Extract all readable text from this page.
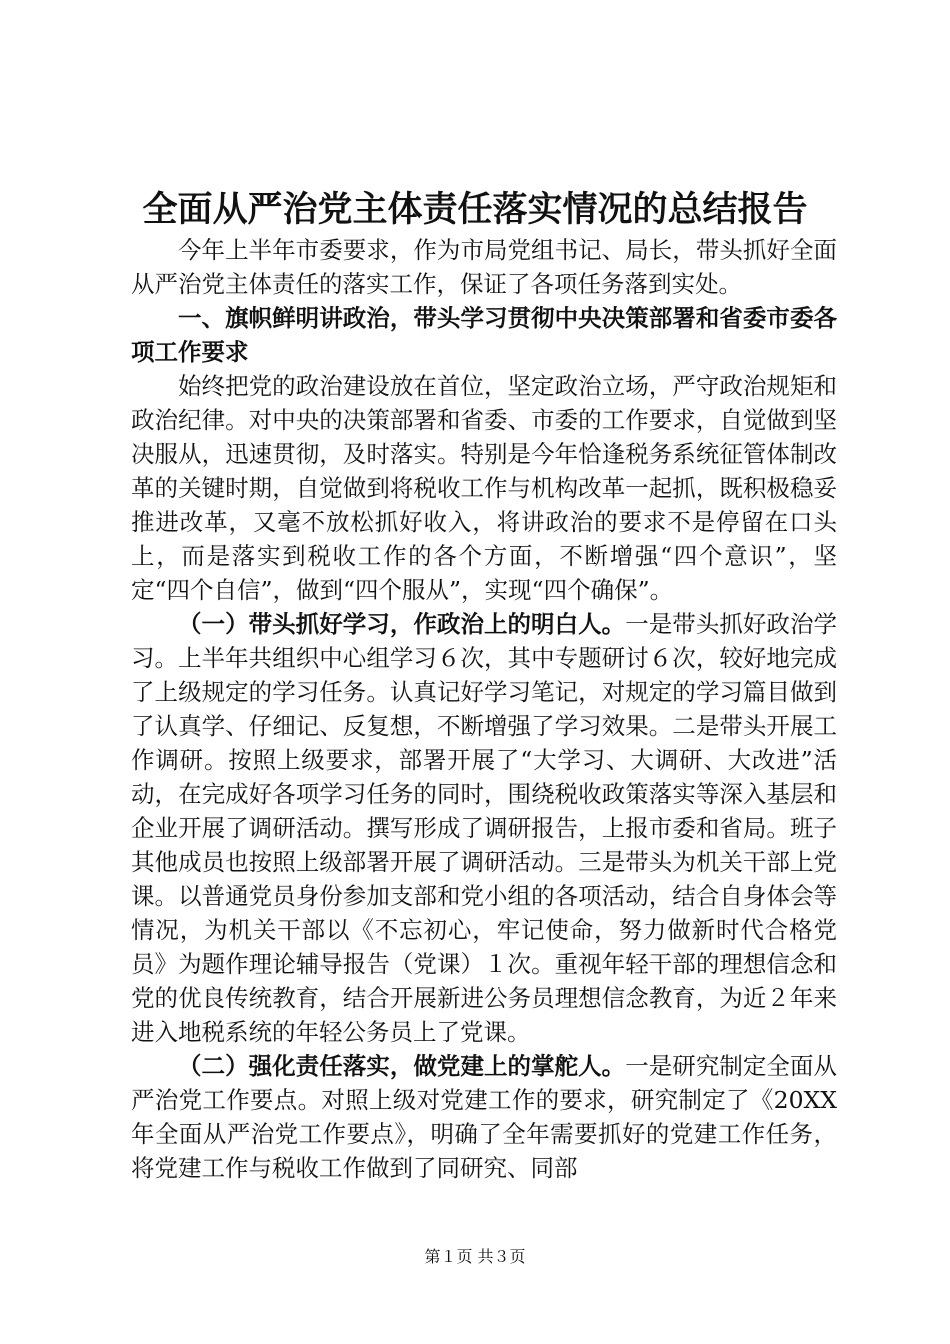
全面从严治党主体责任落实情况的总结报告

今年上半年市委要求，作为市局党组书记、局长，带头抓好全面从严治党主体责任的落实工作，保证了各项任务落到实处。

一、旗帜鲜明讲政治，带头学习贯彻中央决策部署和省委市委各项工作要求

始终把党的政治建设放在首位，坚定政治立场，严守政治规矩和政治纪律。对中央的决策部署和省委、市委的工作要求，自觉做到坚决服从，迅速贯彻，及时落实。特别是今年恰逢税务系统征管体制改革的关键时期，自觉做到将税收工作与机构改革一起抓，既积极稳妥推进改革，又毫不放松抓好收入，将讲政治的要求不是停留在口头上，而是落实到税收工作的各个方面，不断增强“四个意识”，坚定“四个自信”，做到“四个服从”，实现“四个确保”。

（一）带头抓好学习，作政治上的明白人。一是带头抓好政治学习。上半年共组织中心组学习６次，其中专题研讨６次，较好地完成了上级规定的学习任务。认真记好学习笔记，对规定的学习篇目做到了认真学、仔细记、反复想，不断增强了学习效果。二是带头开展工作调研。按照上级要求，部署开展了“大学习、大调研、大改进”活动，在完成好各项学习任务的同时，围绕税收政策落实等深入基层和企业开展了调研活动。撰写形成了调研报告，上报市委和省局。班子其他成员也按照上级部署开展了调研活动。三是带头为机关干部上党课。以普通党员身份参加支部和党小组的各项活动，结合自身体会等情况，为机关干部以《不忘初心，牢记使命，努力做新时代合格党员》为题作理论辅导报告（党课）１次。重视年轻干部的理想信念和党的优良传统教育，结合开展新进公务员理想信念教育，为近２年来进入地税系统的年轻公务员上了党课。

（二）强化责任落实，做党建上的掌舵人。一是研究制定全面从严治党工作要点。对照上级对党建工作的要求，研究制定了《20XX年全面从严治党工作要点》，明确了全年需要抓好的党建工作任务，将党建工作与税收工作做到了同研究、同部

第１页 共３页
